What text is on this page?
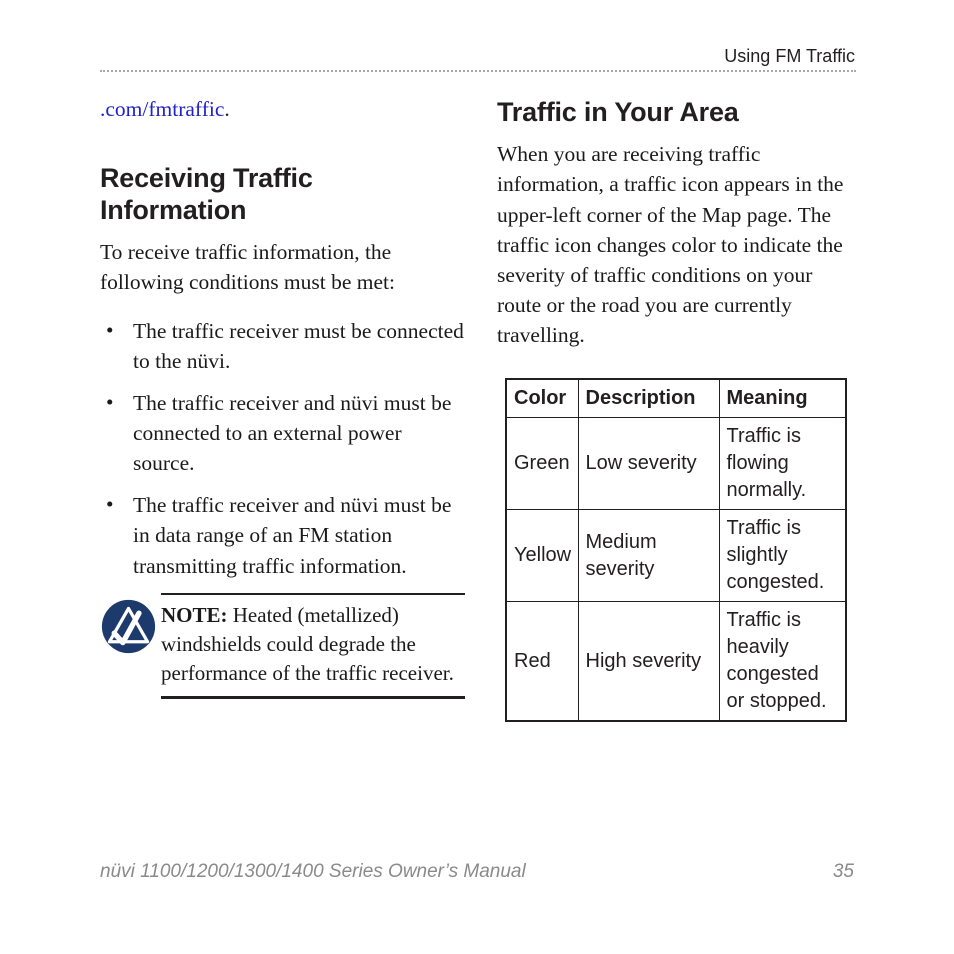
Using FM Traffic
.com/fmtraffic.
Receiving Traffic Information
To receive traffic information, the following conditions must be met:
• The traffic receiver must be connected to the nüvi.
• The traffic receiver and nüvi must be connected to an external power source.
• The traffic receiver and nüvi must be in data range of an FM station transmitting traffic information.
NOTE: Heated (metallized) windshields could degrade the performance of the traffic receiver.
Traffic in Your Area
When you are receiving traffic information, a traffic icon appears in the upper-left corner of the Map page. The traffic icon changes color to indicate the severity of traffic conditions on your route or the road you are currently travelling.
Color	Description	Meaning
Green	Low severity	Traffic is flowing normally.
Yellow	Medium severity	Traffic is slightly congested.
Red	High severity	Traffic is heavily congested or stopped.
nüvi 1100/1200/1300/1400 Series Owner’s Manual	35
